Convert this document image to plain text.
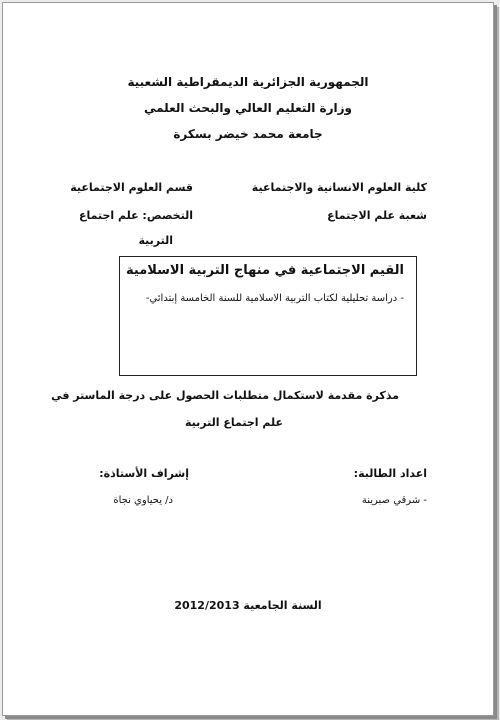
الجمهورية الجزائرية الديمقراطية الشعبية
وزارة التعليم العالي والبحث العلمي
جامعة محمد خيضر بسكرة
كلية العلوم الانسانية والاجتماعية
قسم العلوم الاجتماعية
شعبة علم الاجتماع
التخصص: علم اجتماع
التربية
القيم الاجتماعية في منهاج التربية الاسلامية
- دراسة تحليلية لكتاب التربية الاسلامية للسنة الخامسة إبتدائي-
مذكرة مقدمة لاستكمال متطلبات الحصول على درجة الماستر في
علم اجتماع التربية
اعداد الطالبة:
إشراف الأستاذة:
- شرقي صبرينة
د/ يحياوي نجاة
السنة الجامعية 2012/2013
